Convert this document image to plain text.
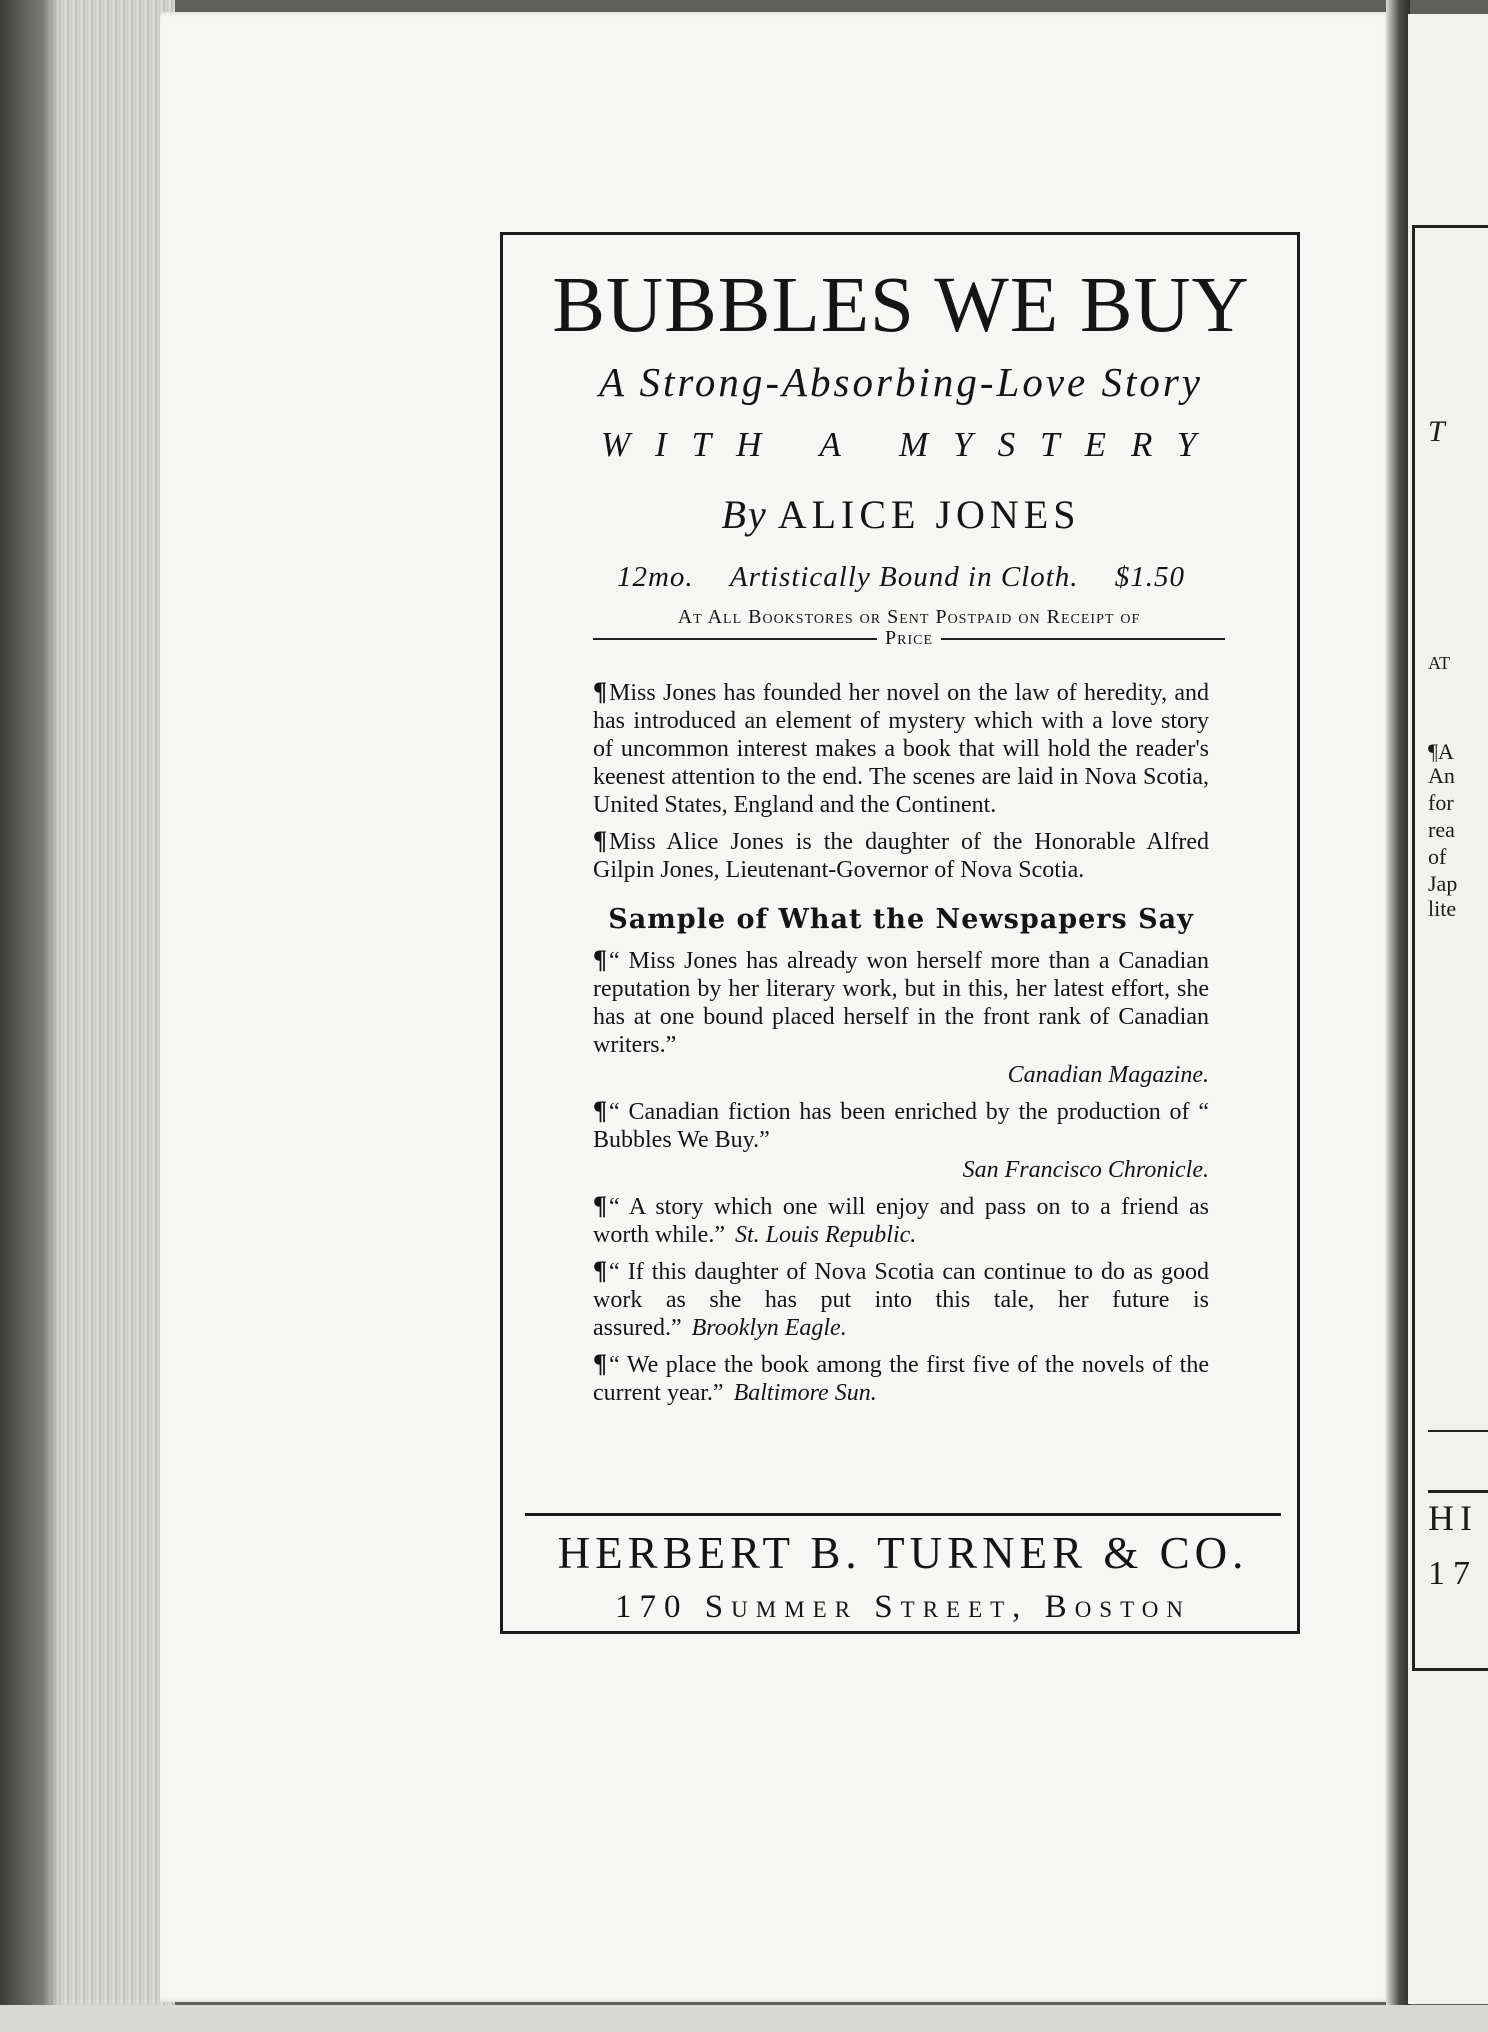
T
AT
¶A
An
for
rea
of
Jap
lite
HI
17
BUBBLES WE BUY
A Strong-Absorbing-Love Story
WITH A MYSTERY
By ALICE JONES
12mo. Artistically Bound in Cloth. $1.50
At All Bookstores or Sent Postpaid on Receipt of
Price

¶Miss Jones has founded her novel on the law of heredity, and has introduced an element of mystery which with a love story of uncommon interest makes a book that will hold the reader's keenest attention to the end. The scenes are laid in Nova Scotia, United States, England and the Continent.

¶Miss Alice Jones is the daughter of the Honorable Alfred Gilpin Jones, Lieutenant-Governor of Nova Scotia.

Sample of What the Newspapers Say

¶“ Miss Jones has already won herself more than a Canadian reputation by her literary work, but in this, her latest effort, she has at one bound placed herself in the front rank of Canadian writers.”

Canadian Magazine.

¶“ Canadian fiction has been enriched by the production of “ Bubbles We Buy.”

San Francisco Chronicle.

¶“ A story which one will enjoy and pass on to a friend as worth while.” St. Louis Republic.

¶“ If this daughter of Nova Scotia can continue to do as good work as she has put into this tale, her future is assured.” Brooklyn Eagle.

¶“ We place the book among the first five of the novels of the current year.” Baltimore Sun.

HERBERT B. TURNER & CO.
170 Summer Street, Boston
